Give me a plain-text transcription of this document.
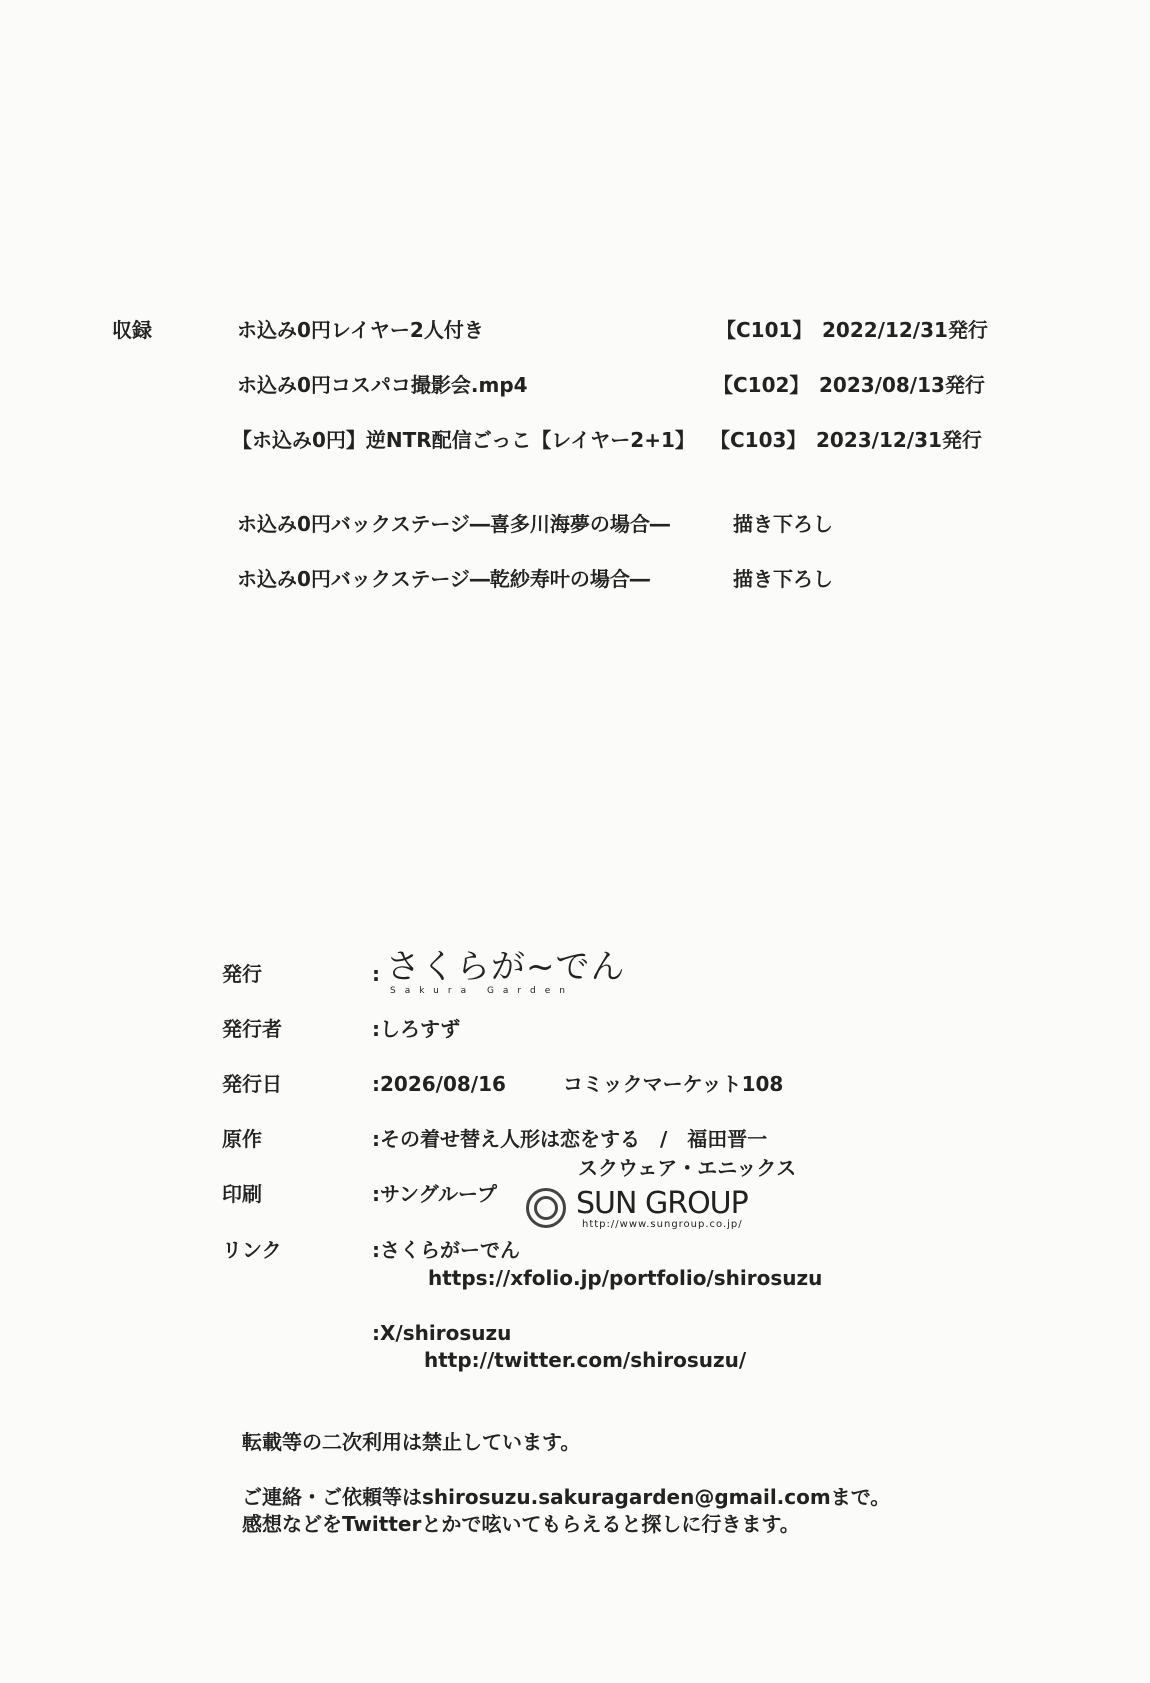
収録	ホ込み0円レイヤー2人付き	【C101】 2022/12/31発行
ホ込み0円コスパコ撮影会.mp4	【C102】 2023/08/13発行
【ホ込み0円】逆NTR配信ごっこ【レイヤー2+1】 【C103】 2023/12/31発行
ホ込み0円バックステージ―喜多川海夢の場合―	描き下ろし
ホ込み0円バックステージ―乾紗寿叶の場合―	描き下ろし
発行	: さくらが~でん
Sakura Garden
発行者	:しろすず
発行日	:2026/08/16	コミックマーケット108
原作	:その着せ替え人形は恋をする　/　福田晋一
スクウェア・エニックス
印刷	:サングループ	SUN GROUP
http://www.sungroup.co.jp/
リンク	:さくらがーでん
https://xfolio.jp/portfolio/shirosuzu
:X/shirosuzu
http://twitter.com/shirosuzu/
転載等の二次利用は禁止しています。
ご連絡・ご依頼等はshirosuzu.sakuragarden@gmail.comまで。
感想などをTwitterとかで呟いてもらえると探しに行きます。
